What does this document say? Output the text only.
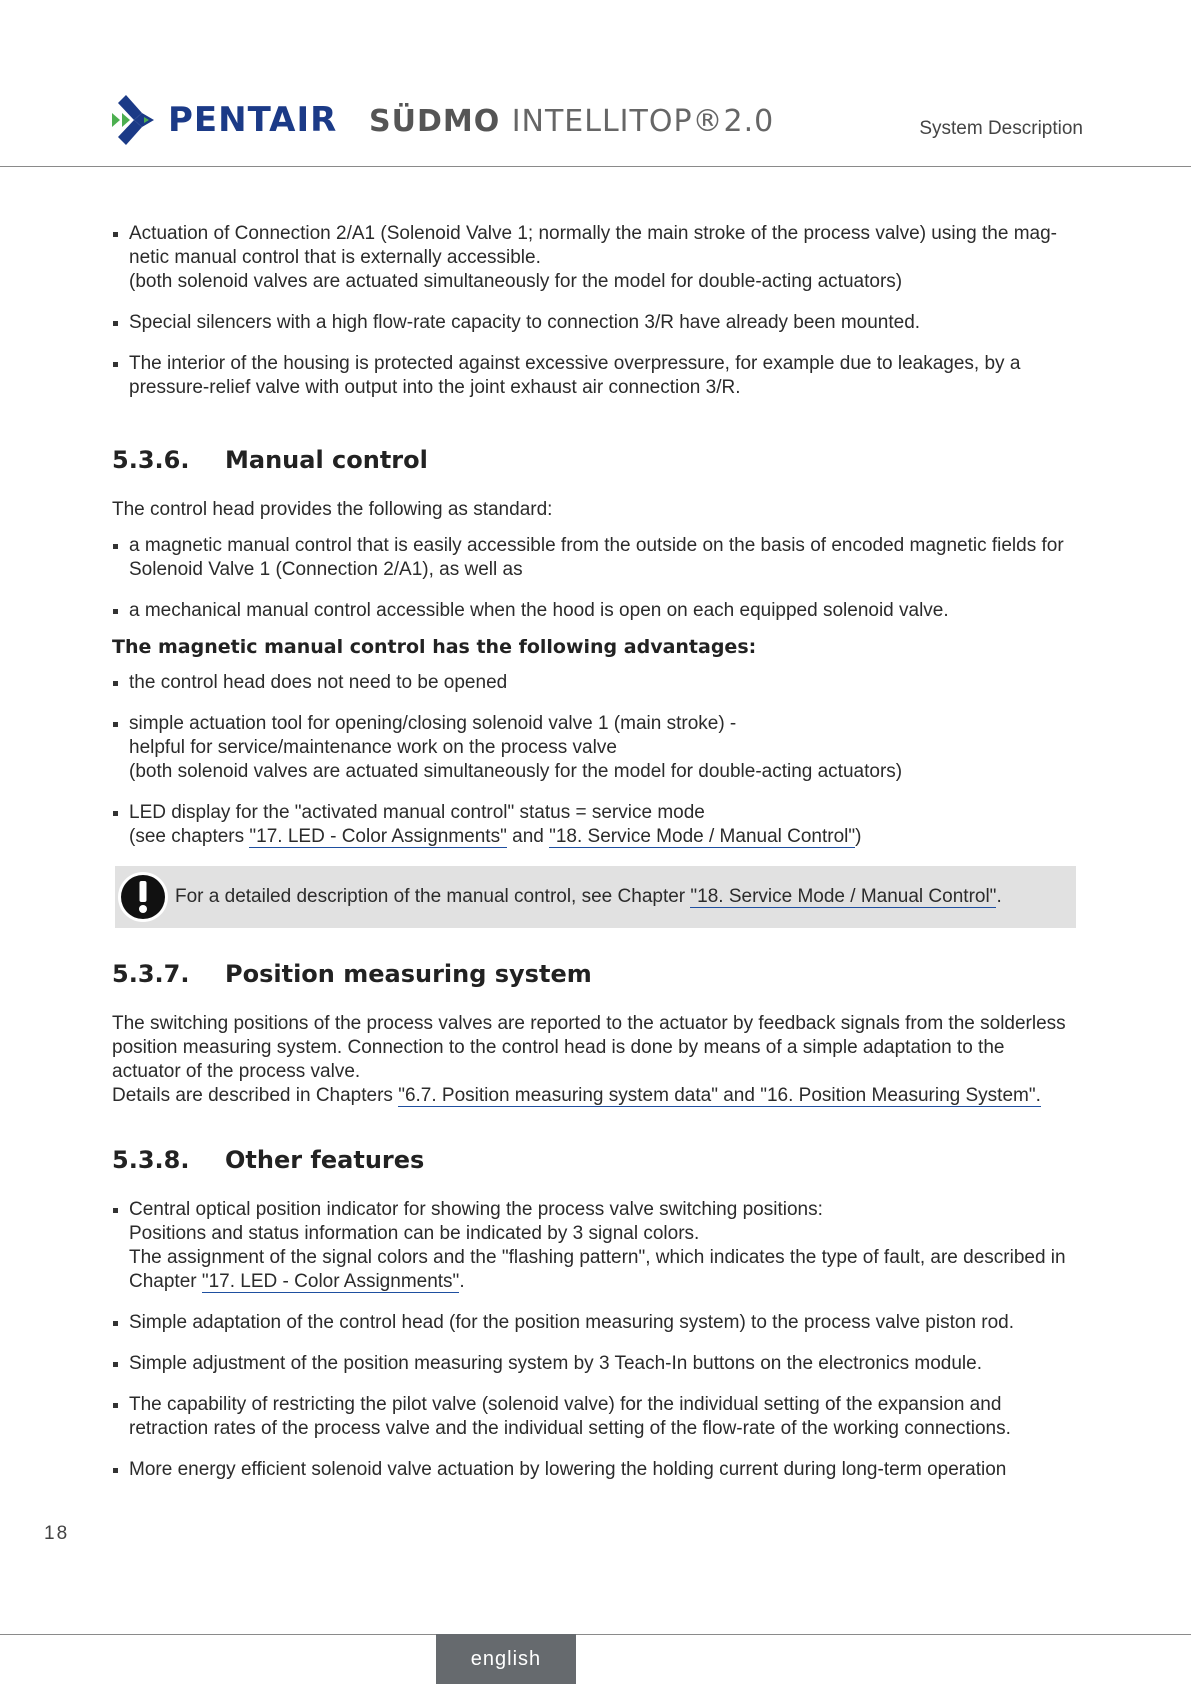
PENTAIR SÜDMO INTELLITOP®2.0	System Description
Actuation of Connection 2/A1 (Solenoid Valve 1; normally the main stroke of the process valve) using the mag-
netic manual control that is externally accessible.
(both solenoid valves are actuated simultaneously for the model for double-acting actuators)
Special silencers with a high flow-rate capacity to connection 3/R have already been mounted.
The interior of the housing is protected against excessive overpressure, for example due to leakages, by a
pressure-relief valve with output into the joint exhaust air connection 3/R.
5.3.6. Manual control
The control head provides the following as standard:
a magnetic manual control that is easily accessible from the outside on the basis of encoded magnetic fields for
Solenoid Valve 1 (Connection 2/A1), as well as
a mechanical manual control accessible when the hood is open on each equipped solenoid valve.
The magnetic manual control has the following advantages:
the control head does not need to be opened
simple actuation tool for opening/closing solenoid valve 1 (main stroke) -
helpful for service/maintenance work on the process valve
(both solenoid valves are actuated simultaneously for the model for double-acting actuators)
LED display for the "activated manual control" status = service mode
(see chapters "17. LED - Color Assignments" and "18. Service Mode / Manual Control")
For a detailed description of the manual control, see Chapter "18. Service Mode / Manual Control".
5.3.7. Position measuring system
The switching positions of the process valves are reported to the actuator by feedback signals from the solderless
position measuring system. Connection to the control head is done by means of a simple adaptation to the
actuator of the process valve.
Details are described in Chapters "6.7. Position measuring system data" and "16. Position Measuring System".
5.3.8. Other features
Central optical position indicator for showing the process valve switching positions:
Positions and status information can be indicated by 3 signal colors.
The assignment of the signal colors and the "flashing pattern", which indicates the type of fault, are described in
Chapter "17. LED - Color Assignments".
Simple adaptation of the control head (for the position measuring system) to the process valve piston rod.
Simple adjustment of the position measuring system by 3 Teach-In buttons on the electronics module.
The capability of restricting the pilot valve (solenoid valve) for the individual setting of the expansion and
retraction rates of the process valve and the individual setting of the flow-rate of the working connections.
More energy efficient solenoid valve actuation by lowering the holding current during long-term operation
18
english
